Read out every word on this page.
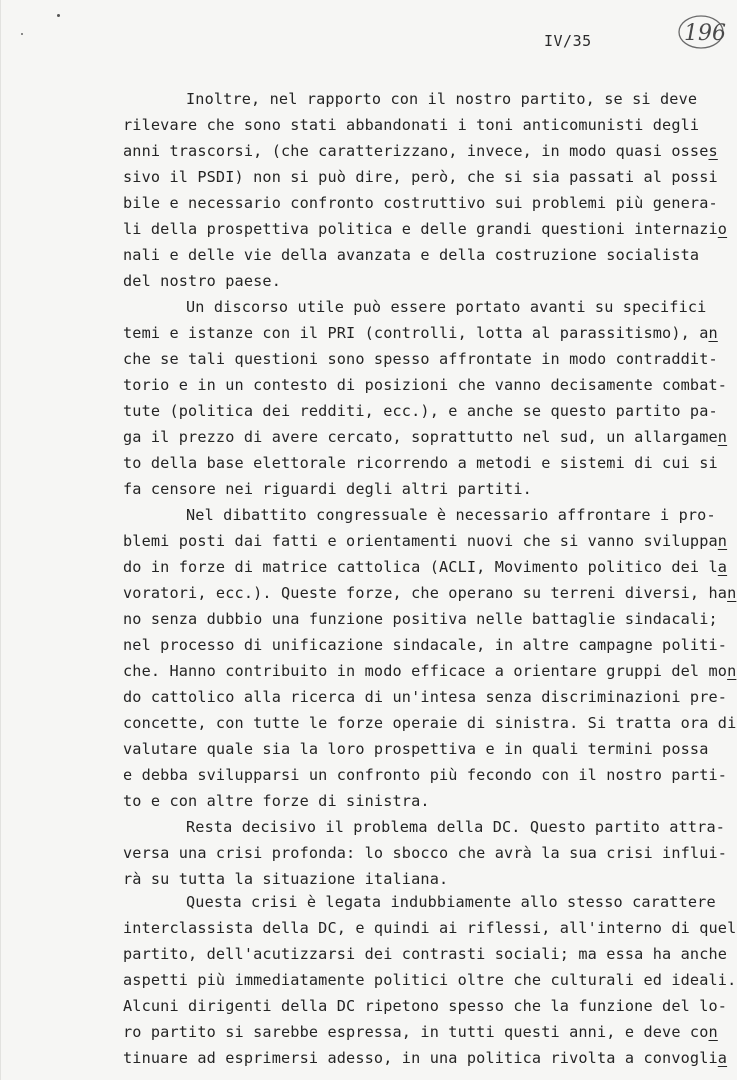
IV/35	196
Inoltre, nel rapporto con il nostro partito, se si deve
rilevare che sono stati abbandonati i toni anticomunisti degli
anni trascorsi, (che caratterizzano, invece, in modo quasi osses
sivo il PSDI) non si può dire, però, che si sia passati al possi
bile e necessario confronto costruttivo sui problemi più genera-
li della prospettiva politica e delle grandi questioni internazio
nali e delle vie della avanzata e della costruzione socialista
del nostro paese.
Un discorso utile può essere portato avanti su specifici
temi e istanze con il PRI (controlli, lotta al parassitismo), an
che se tali questioni sono spesso affrontate in modo contraddit-
torio e in un contesto di posizioni che vanno decisamente combat-
tute (politica dei redditi, ecc.), e anche se questo partito pa-
ga il prezzo di avere cercato, soprattutto nel sud, un allargamen
to della base elettorale ricorrendo a metodi e sistemi di cui si
fa censore nei riguardi degli altri partiti.
Nel dibattito congressuale è necessario affrontare i pro-
blemi posti dai fatti e orientamenti nuovi che si vanno sviluppan
do in forze di matrice cattolica (ACLI, Movimento politico dei la
voratori, ecc.). Queste forze, che operano su terreni diversi, han
no senza dubbio una funzione positiva nelle battaglie sindacali;
nel processo di unificazione sindacale, in altre campagne politi-
che. Hanno contribuito in modo efficace a orientare gruppi del mon
do cattolico alla ricerca di un'intesa senza discriminazioni pre-
concette, con tutte le forze operaie di sinistra. Si tratta ora di
valutare quale sia la loro prospettiva e in quali termini possa
e debba svilupparsi un confronto più fecondo con il nostro parti-
to e con altre forze di sinistra.
Resta decisivo il problema della DC. Questo partito attra-
versa una crisi profonda: lo sbocco che avrà la sua crisi influi-
rà su tutta la situazione italiana.
Questa crisi è legata indubbiamente allo stesso carattere
interclassista della DC, e quindi ai riflessi, all'interno di quel
partito, dell'acutizzarsi dei contrasti sociali; ma essa ha anche
aspetti più immediatamente politici oltre che culturali ed ideali.
Alcuni dirigenti della DC ripetono spesso che la funzione del lo-
ro partito si sarebbe espressa, in tutti questi anni, e deve con
tinuare ad esprimersi adesso, in una politica rivolta a convoglia
